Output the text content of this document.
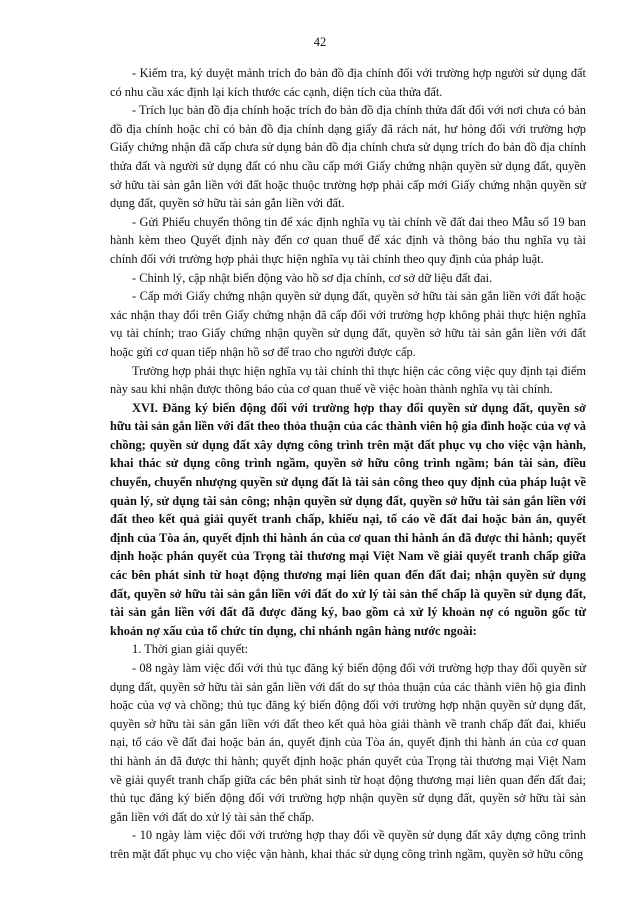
42

- Kiểm tra, ký duyệt mảnh trích đo bản đồ địa chính đối với trường hợp người sử dụng đất có nhu cầu xác định lại kích thước các cạnh, diện tích của thửa đất.

- Trích lục bản đồ địa chính hoặc trích đo bản đồ địa chính thửa đất đối với nơi chưa có bản đồ địa chính hoặc chỉ có bản đồ địa chính dạng giấy đã rách nát, hư hỏng đối với trường hợp Giấy chứng nhận đã cấp chưa sử dụng bản đồ địa chính chưa sử dụng trích đo bản đồ địa chính thửa đất và người sử dụng đất có nhu cầu cấp mới Giấy chứng nhận quyền sử dụng đất, quyền sở hữu tài sản gắn liền với đất hoặc thuộc trường hợp phải cấp mới Giấy chứng nhận quyền sử dụng đất, quyền sở hữu tài sản gắn liền với đất.

- Gửi Phiếu chuyển thông tin để xác định nghĩa vụ tài chính về đất đai theo Mẫu số 19 ban hành kèm theo Quyết định này đến cơ quan thuế để xác định và thông báo thu nghĩa vụ tài chính đối với trường hợp phải thực hiện nghĩa vụ tài chính theo quy định của pháp luật.

- Chỉnh lý, cập nhật biến động vào hồ sơ địa chính, cơ sở dữ liệu đất đai.

- Cấp mới Giấy chứng nhận quyền sử dụng đất, quyền sở hữu tài sản gắn liền với đất hoặc xác nhận thay đổi trên Giấy chứng nhận đã cấp đối với trường hợp không phải thực hiện nghĩa vụ tài chính; trao Giấy chứng nhận quyền sử dụng đất, quyền sở hữu tài sản gắn liền với đất hoặc gửi cơ quan tiếp nhận hồ sơ để trao cho người được cấp.

Trường hợp phải thực hiện nghĩa vụ tài chính thì thực hiện các công việc quy định tại điểm này sau khi nhận được thông báo của cơ quan thuế về việc hoàn thành nghĩa vụ tài chính.

XVI. Đăng ký biến động đối với trường hợp thay đổi quyền sử dụng đất, quyền sở hữu tài sản gắn liền với đất theo thỏa thuận của các thành viên hộ gia đình hoặc của vợ và chồng; quyền sử dụng đất xây dựng công trình trên mặt đất phục vụ cho việc vận hành, khai thác sử dụng công trình ngầm, quyền sở hữu công trình ngầm; bán tài sản, điều chuyển, chuyển nhượng quyền sử dụng đất là tài sản công theo quy định của pháp luật về quản lý, sử dụng tài sản công; nhận quyền sử dụng đất, quyền sở hữu tài sản gắn liền với đất theo kết quả giải quyết tranh chấp, khiếu nại, tố cáo về đất đai hoặc bản án, quyết định của Tòa án, quyết định thi hành án của cơ quan thi hành án đã được thi hành; quyết định hoặc phán quyết của Trọng tài thương mại Việt Nam về giải quyết tranh chấp giữa các bên phát sinh từ hoạt động thương mại liên quan đến đất đai; nhận quyền sử dụng đất, quyền sở hữu tài sản gắn liền với đất do xử lý tài sản thế chấp là quyền sử dụng đất, tài sản gắn liền với đất đã được đăng ký, bao gồm cả xử lý khoản nợ có nguồn gốc từ khoản nợ xấu của tổ chức tín dụng, chi nhánh ngân hàng nước ngoài:

1. Thời gian giải quyết:

- 08 ngày làm việc đối với thủ tục đăng ký biến động đối với trường hợp thay đổi quyền sử dụng đất, quyền sở hữu tài sản gắn liền với đất do sự thỏa thuận của các thành viên hộ gia đình hoặc của vợ và chồng; thủ tục đăng ký biến động đối với trường hợp nhận quyền sử dụng đất, quyền sở hữu tài sản gắn liền với đất theo kết quả hòa giải thành về tranh chấp đất đai, khiếu nại, tố cáo về đất đai hoặc bản án, quyết định của Tòa án, quyết định thi hành án của cơ quan thi hành án đã được thi hành; quyết định hoặc phán quyết của Trọng tài thương mại Việt Nam về giải quyết tranh chấp giữa các bên phát sinh từ hoạt động thương mại liên quan đến đất đai; thủ tục đăng ký biến động đối với trường hợp nhận quyền sử dụng đất, quyền sở hữu tài sản gắn liền với đất do xử lý tài sản thế chấp.

- 10 ngày làm việc đối với trường hợp thay đổi về quyền sử dụng đất xây dựng công trình trên mặt đất phục vụ cho việc vận hành, khai thác sử dụng công trình ngầm, quyền sở hữu công
